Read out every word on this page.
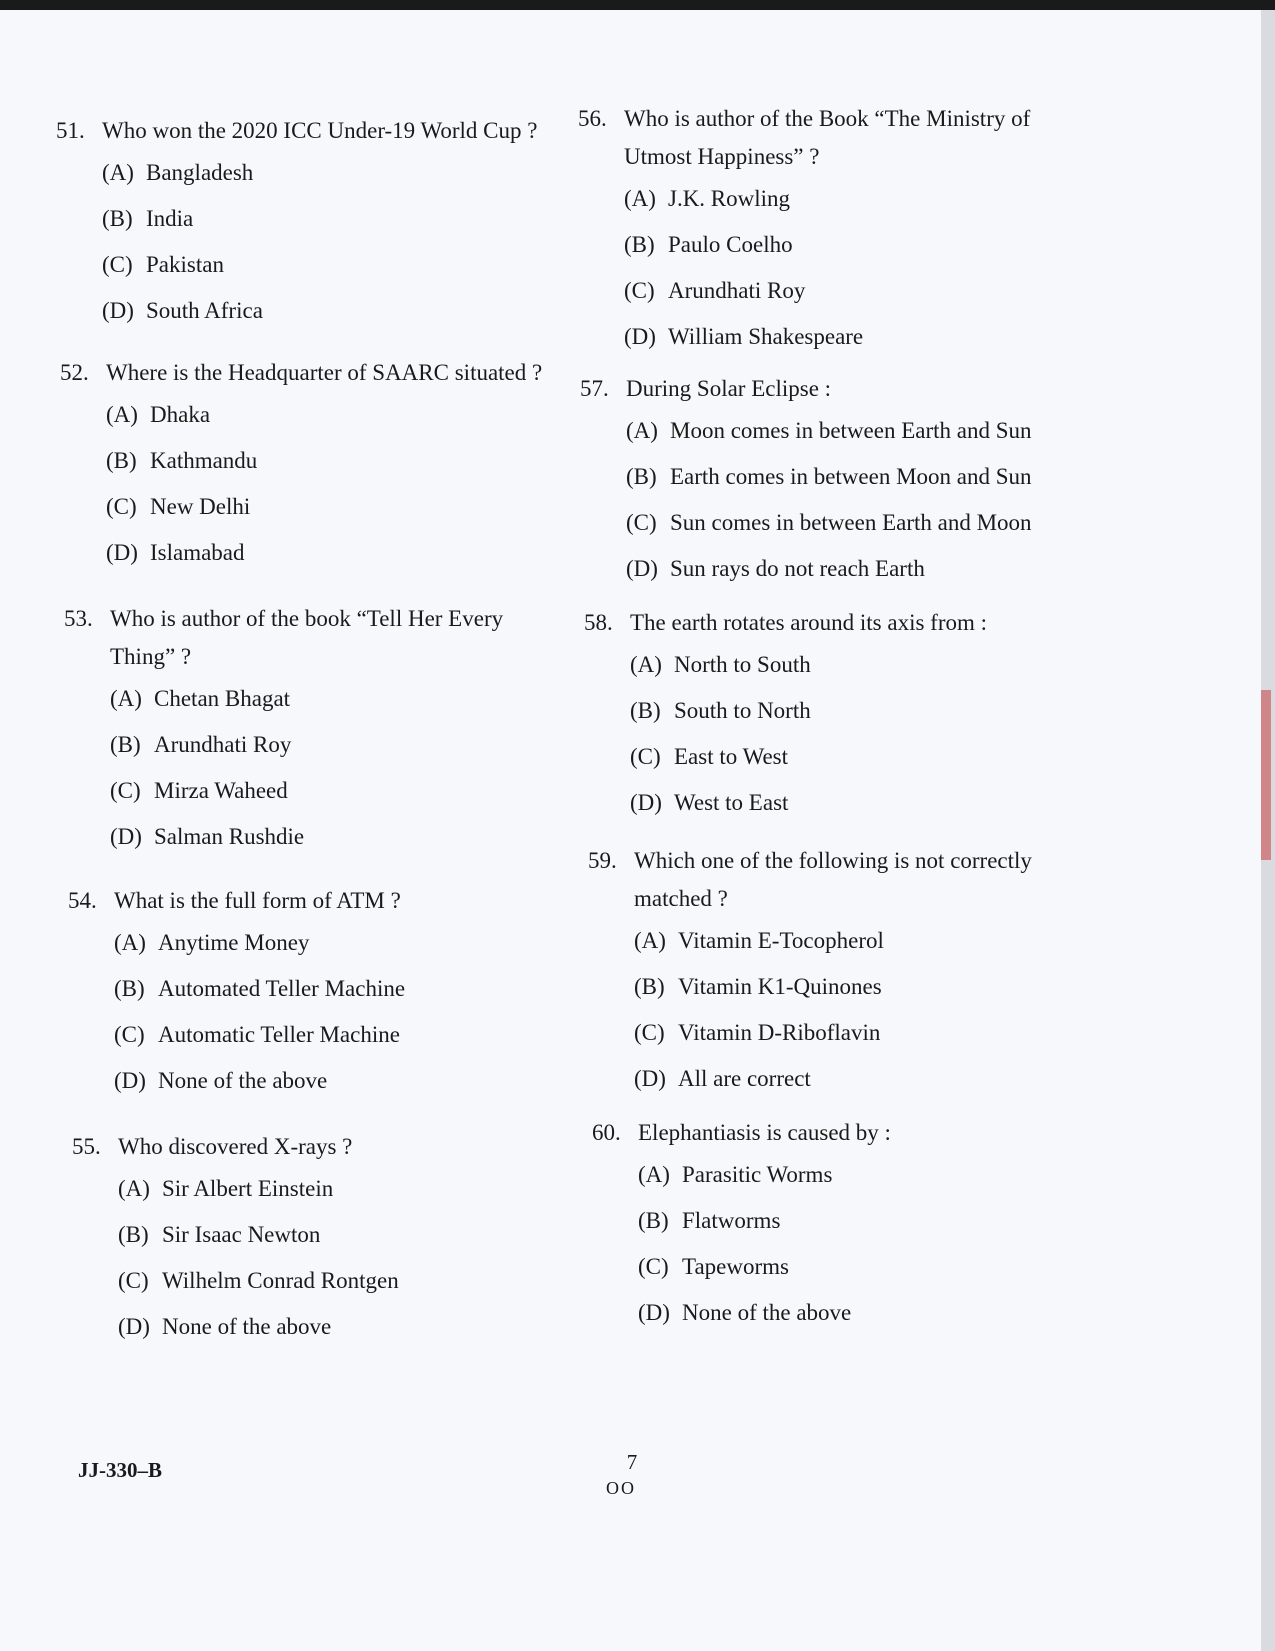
51. Who won the 2020 ICC Under-19 World Cup ?
(A) Bangladesh
(B) India
(C) Pakistan
(D) South Africa
52. Where is the Headquarter of SAARC situated ?
(A) Dhaka
(B) Kathmandu
(C) New Delhi
(D) Islamabad
53. Who is author of the book “Tell Her Every
Thing” ?
(A) Chetan Bhagat
(B) Arundhati Roy
(C) Mirza Waheed
(D) Salman Rushdie
54. What is the full form of ATM ?
(A) Anytime Money
(B) Automated Teller Machine
(C) Automatic Teller Machine
(D) None of the above
55. Who discovered X-rays ?
(A) Sir Albert Einstein
(B) Sir Isaac Newton
(C) Wilhelm Conrad Rontgen
(D) None of the above
56. Who is author of the Book “The Ministry of
Utmost Happiness” ?
(A) J.K. Rowling
(B) Paulo Coelho
(C) Arundhati Roy
(D) William Shakespeare
57. During Solar Eclipse :
(A) Moon comes in between Earth and Sun
(B) Earth comes in between Moon and Sun
(C) Sun comes in between Earth and Moon
(D) Sun rays do not reach Earth
58. The earth rotates around its axis from :
(A) North to South
(B) South to North
(C) East to West
(D) West to East
59. Which one of the following is not correctly
matched ?
(A) Vitamin E-Tocopherol
(B) Vitamin K1-Quinones
(C) Vitamin D-Riboflavin
(D) All are correct
60. Elephantiasis is caused by :
(A) Parasitic Worms
(B) Flatworms
(C) Tapeworms
(D) None of the above
JJ-330–B	7
OO
